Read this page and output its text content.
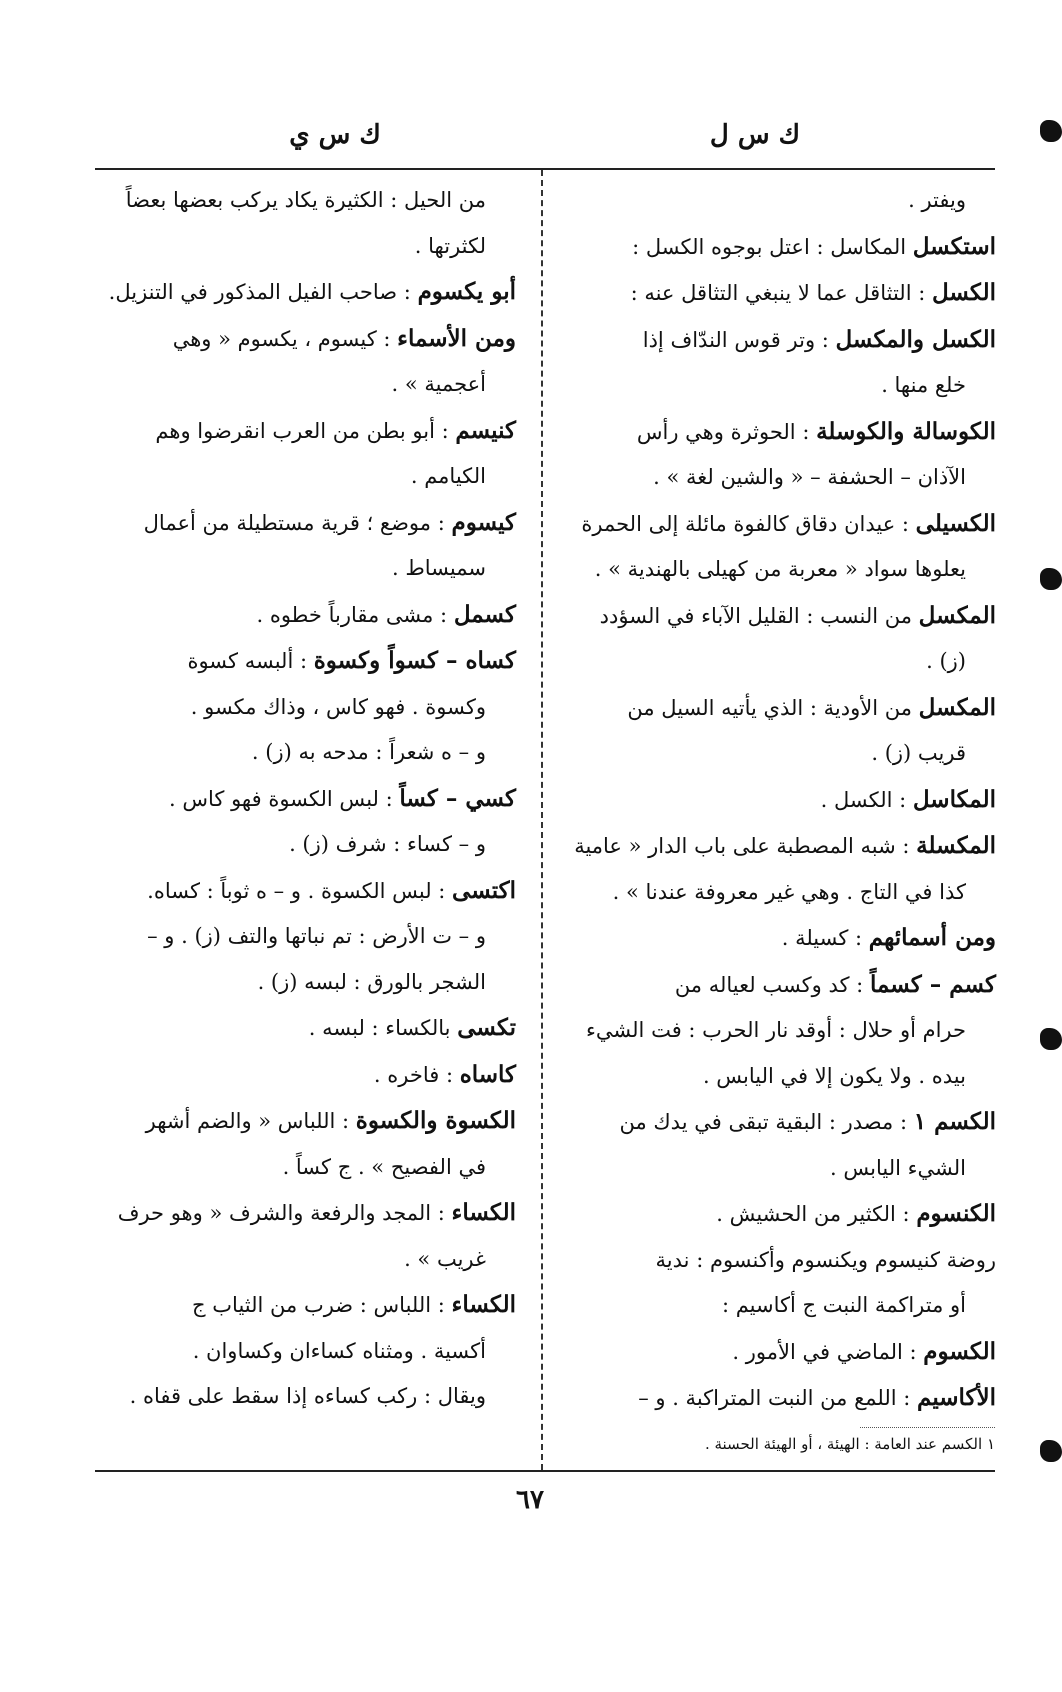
ك س ل
ك س ي

ويفتر .

استكسل المكاسل : اعتل بوجوه الكسل :

الكسل : التثاقل عما لا ينبغي التثاقل عنه :

الكسل والمكسل : وتر قوس الندّاف إذا

خلع منها .

الكوسالة والكوسلة : الحوثرة وهي رأس

الآذان – الحشفة – « والشين لغة » .

الكسيلى : عيدان دقاق كالفوة مائلة إلى الحمرة

يعلوها سواد « معربة من كهيلى بالهندية » .

المكسل من النسب : القليل الآباء في السؤدد

(ز) .

المكسل من الأودية : الذي يأتيه السيل من

قريب (ز) .

المكاسل : الكسل .

المكسلة : شبه المصطبة على باب الدار « عامية

كذا في التاج . وهي غير معروفة عندنا » .

ومن أسمائهم : كسيلة .

كسم – كسماً : كد وكسب لعياله من

حرام أو حلال : أوقد نار الحرب : فت الشيء

بيده . ولا يكون إلا في اليابس .

الكسم ١ : مصدر : البقية تبقى في يدك من

الشيء اليابس .

الكنسوم : الكثير من الحشيش .

روضة كنيسوم ويكنسوم وأكنسوم : ندية

أو متراكمة النبت ج أكاسيم :

الكسوم : الماضي في الأمور .

الأكاسيم : اللمع من النبت المتراكبة . و –

من الحيل : الكثيرة يكاد يركب بعضها بعضاً

لكثرتها .

أبو يكسوم : صاحب الفيل المذكور في التنزيل.

ومن الأسماء : كيسوم ، يكسوم « وهي

أعجمية » .

كنيسم : أبو بطن من العرب انقرضوا وهم

الكيامم .

كيسوم : موضع ؛ قرية مستطيلة من أعمال

سميساط .

كسمل : مشى مقارباً خطوه .

كساه – كسواً وكسوة : ألبسه كسوة

وكسوة . فهو كاس ، وذاك مكسو .

و – ه شعراً : مدحه به (ز) .

كسي – كساً : لبس الكسوة فهو كاس .

و – كساء : شرف (ز) .

اكتسى : لبس الكسوة . و – ه ثوباً : كساه.

و – ت الأرض : تم نباتها والتف (ز) . و –

الشجر بالورق : لبسه (ز) .

تكسى بالكساء : لبسه .

كاساه : فاخره .

الكسوة والكسوة : اللباس « والضم أشهر

في الفصيح » . ج كساً .

الكساء : المجد والرفعة والشرف « وهو حرف

غريب » .

الكساء : اللباس : ضرب من الثياب ج

أكسية . ومثناه كساءان وكساوان .

ويقال : ركب كساءه إذا سقط على قفاه .

١ الكسم عند العامة : الهيئة ، أو الهيئة الحسنة .
٦٧
